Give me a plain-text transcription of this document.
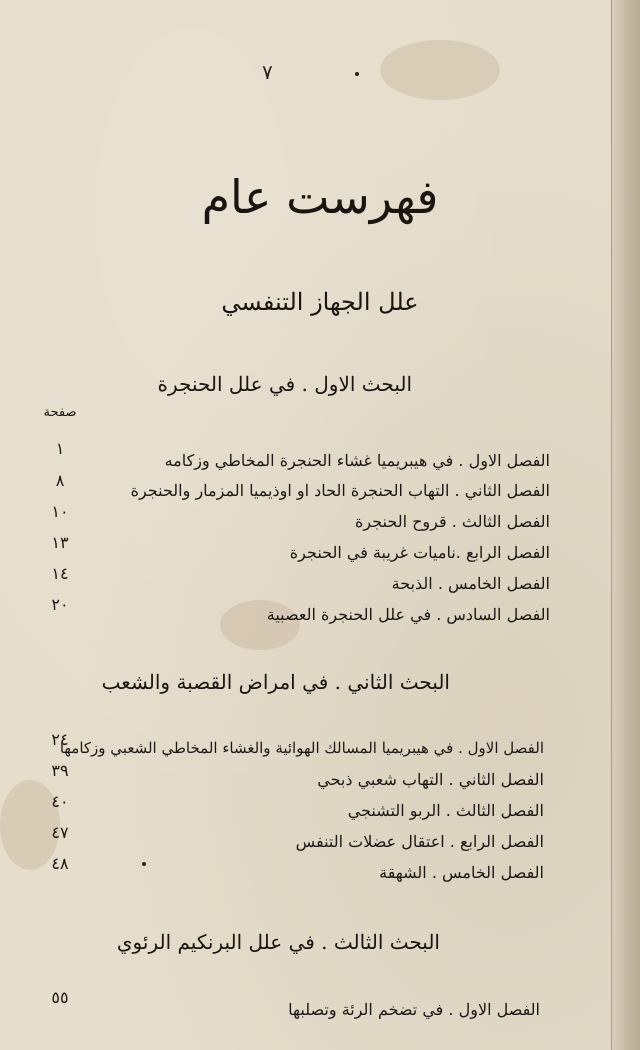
٧
فهرست عام
علل الجهاز التنفسي
صفحة
البحث الاول . في علل الحنجرة
الفصل الاول . في هيبريميا غشاء الحنجرة المخاطي وزكامه
١
الفصل الثاني . التهاب الحنجرة الحاد او اوذيميا المزمار والحنجرة
٨
الفصل الثالث . قروح الحنجرة
١٠
الفصل الرابع .ناميات غريبة في الحنجرة
١٣
الفصل الخامس . الذبحة
١٤
الفصل السادس . في علل الحنجرة العصبية
٢٠
البحث الثاني . في امراض القصبة والشعب
الفصل الاول . في هيبريميا المسالك الهوائية والغشاء المخاطي الشعبي وزكامها
٢٤
الفصل الثاني . التهاب شعبي ذبحي
٣٩
الفصل الثالث . الربو التشنجي
٤٠
الفصل الرابع . اعتقال عضلات التنفس
٤٧
الفصل الخامس . الشهقة
٤٨
البحث الثالث . في علل البرنكيم الرئوي
الفصل الاول . في تضخم الرئة وتصلبها
٥٥
